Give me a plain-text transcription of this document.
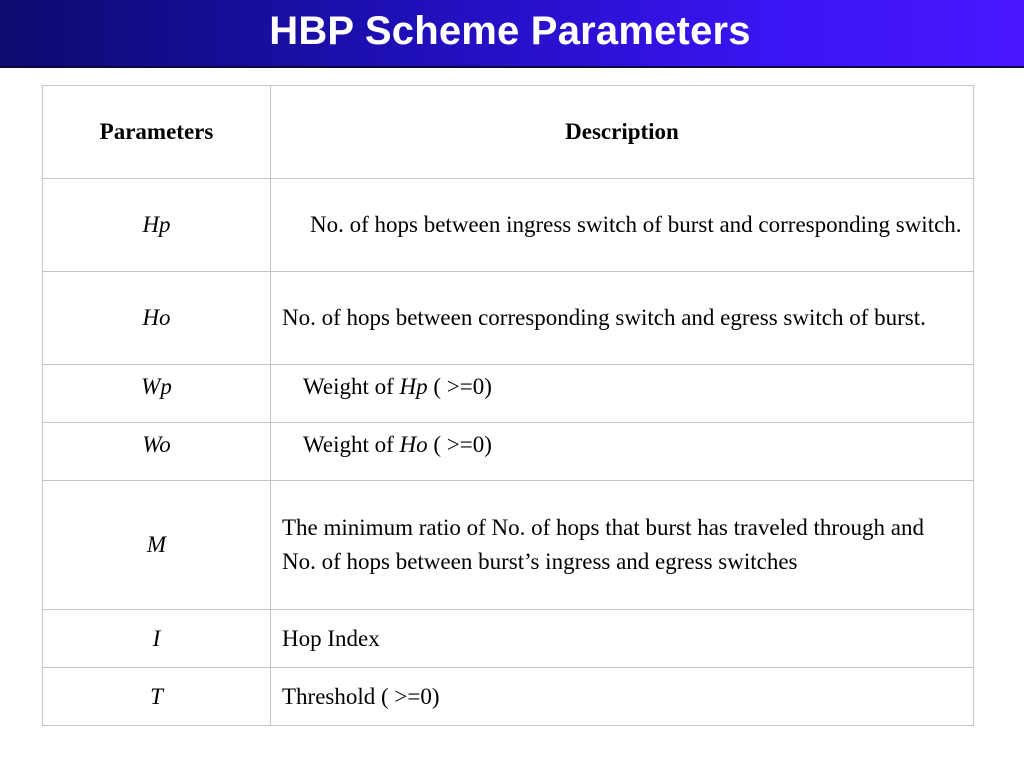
HBP Scheme Parameters
Parameters	Description
Hp	No. of hops between ingress switch of burst and corresponding switch.
Ho	No. of hops between corresponding switch and egress switch of burst.
Wp	Weight of Hp ( >=0)
Wo	Weight of Ho ( >=0)
M	The minimum ratio of No. of hops that burst has traveled through and No. of hops between burst’s ingress and egress switches
I	Hop Index
T	Threshold ( >=0)
